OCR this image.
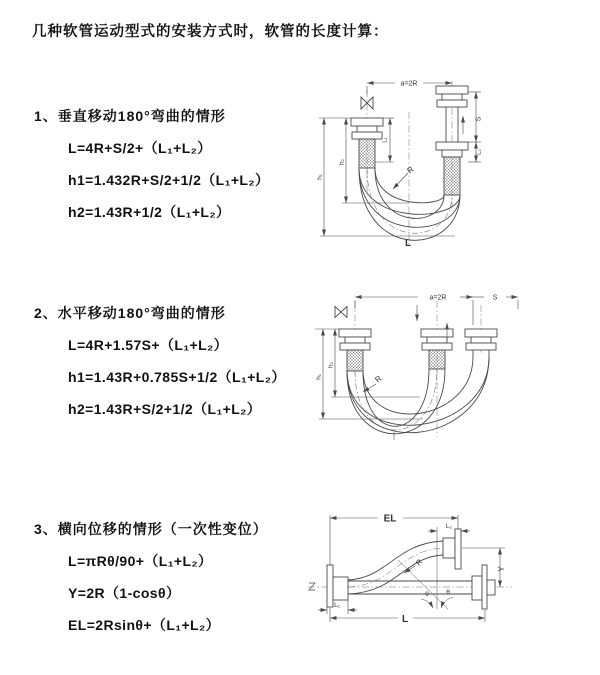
几种软管运动型式的安装方式时，软管的长度计算：
1、垂直移动180°弯曲的情形
L=4R+S/2+（L₁+L₂）
h1=1.432R+S/2+1/2（L₁+L₂）
h2=1.43R+1/2（L₁+L₂）
2、水平移动180°弯曲的情形
L=4R+1.57S+（L₁+L₂）
h1=1.43R+0.785S+1/2（L₁+L₂）
h2=1.43R+S/2+1/2（L₁+L₂）
3、横向位移的情形（一次性变位）
L=πRθ/90+（L₁+L₂）
Y=2R（1-cosθ）
EL=2Rsinθ+（L₁+L₂）
a=2R
h₁
h₂
L₁
S
L₂
R
L
a=2R	S
h₁
h₂
R
EL
L₂
Y
L
L₁
R
θ	θ
